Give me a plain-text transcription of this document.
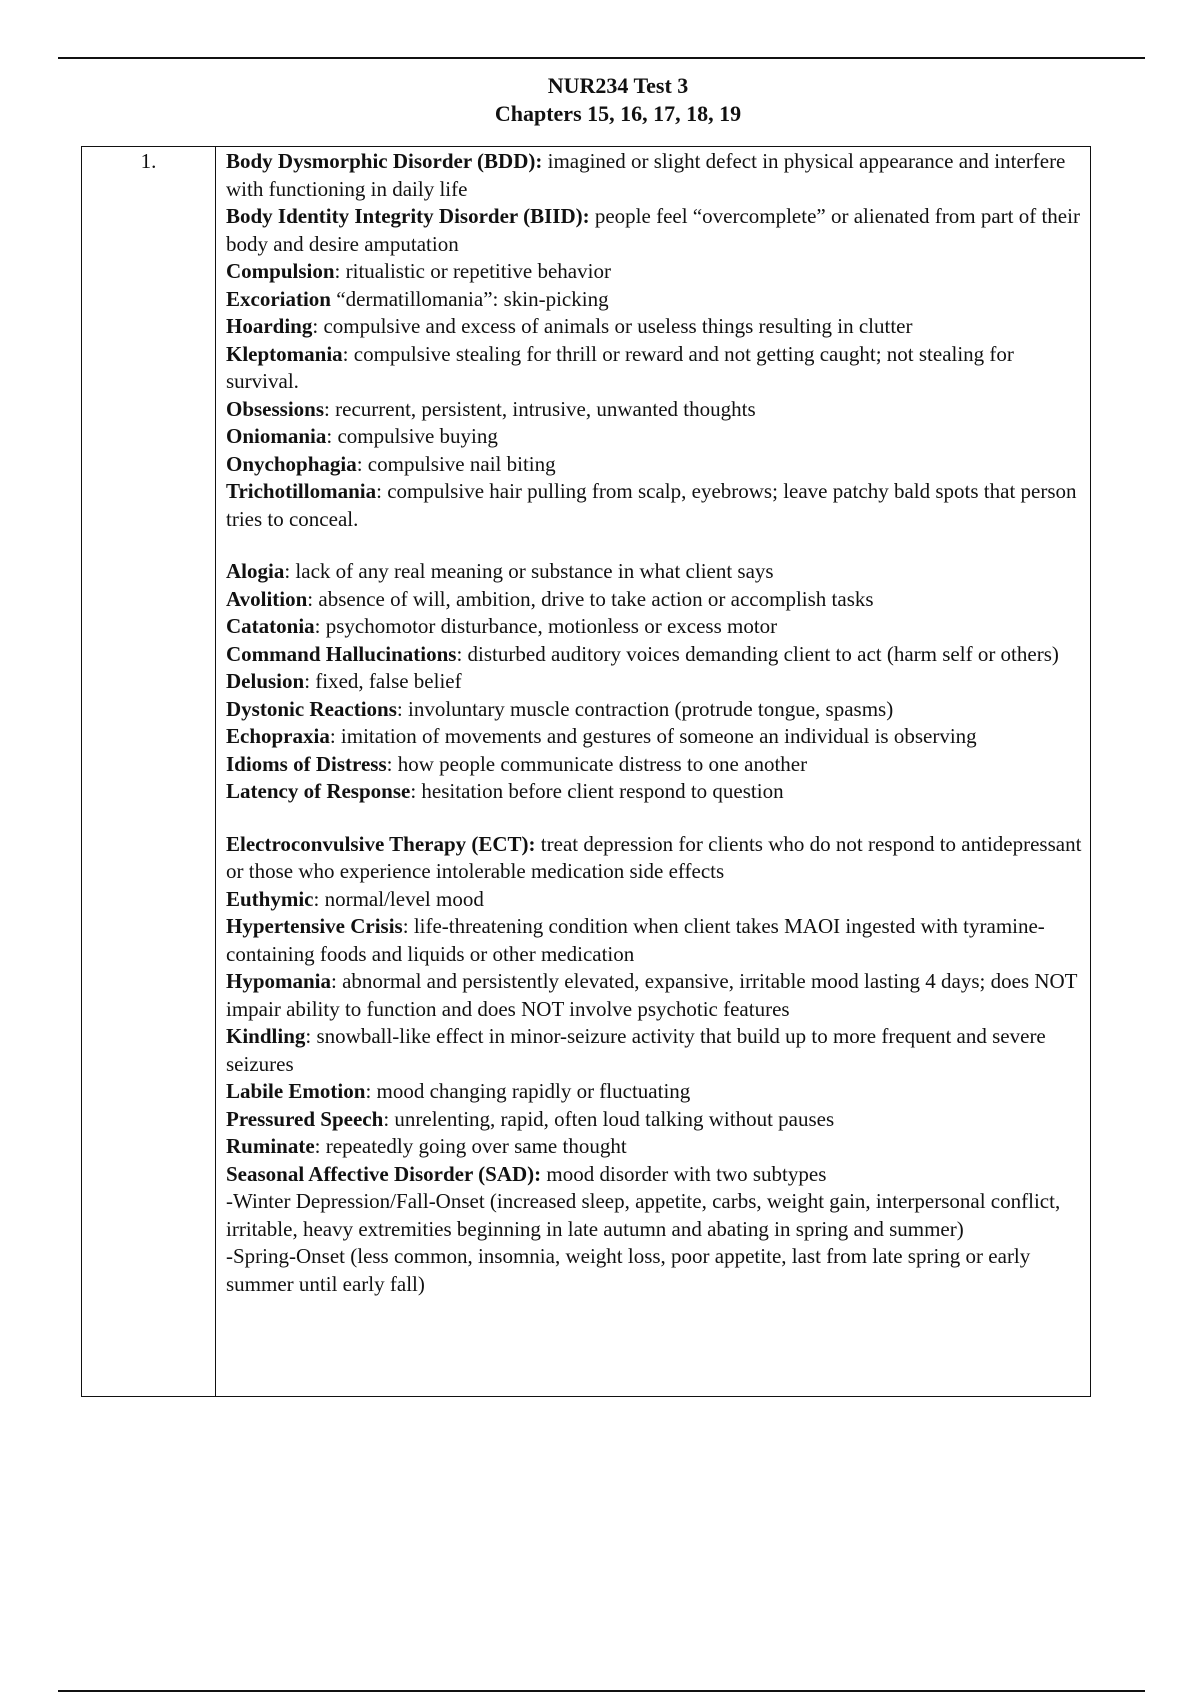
NUR234 Test 3
Chapters 15, 16, 17, 18, 19
1.	Body Dysmorphic Disorder (BDD): imagined or slight defect in physical appearance and interfere with functioning in daily life
Body Identity Integrity Disorder (BIID): people feel “overcomplete” or alienated from part of their body and desire amputation
Compulsion: ritualistic or repetitive behavior
Excoriation “dermatillomania”: skin-picking
Hoarding: compulsive and excess of animals or useless things resulting in clutter
Kleptomania: compulsive stealing for thrill or reward and not getting caught; not stealing for survival.
Obsessions: recurrent, persistent, intrusive, unwanted thoughts
Oniomania: compulsive buying
Onychophagia: compulsive nail biting
Trichotillomania: compulsive hair pulling from scalp, eyebrows; leave patchy bald spots that person tries to conceal.
Alogia: lack of any real meaning or substance in what client says
Avolition: absence of will, ambition, drive to take action or accomplish tasks
Catatonia: psychomotor disturbance, motionless or excess motor
Command Hallucinations: disturbed auditory voices demanding client to act (harm self or others)
Delusion: fixed, false belief
Dystonic Reactions: involuntary muscle contraction (protrude tongue, spasms)
Echopraxia: imitation of movements and gestures of someone an individual is observing
Idioms of Distress: how people communicate distress to one another
Latency of Response: hesitation before client respond to question
Electroconvulsive Therapy (ECT): treat depression for clients who do not respond to antidepressant or those who experience intolerable medication side effects
Euthymic: normal/level mood
Hypertensive Crisis: life-threatening condition when client takes MAOI ingested with tyramine-containing foods and liquids or other medication
Hypomania: abnormal and persistently elevated, expansive, irritable mood lasting 4 days; does NOT impair ability to function and does NOT involve psychotic features
Kindling: snowball-like effect in minor-seizure activity that build up to more frequent and severe seizures
Labile Emotion: mood changing rapidly or fluctuating
Pressured Speech: unrelenting, rapid, often loud talking without pauses
Ruminate: repeatedly going over same thought
Seasonal Affective Disorder (SAD): mood disorder with two subtypes
-Winter Depression/Fall-Onset (increased sleep, appetite, carbs, weight gain, interpersonal conflict, irritable, heavy extremities beginning in late autumn and abating in spring and summer)
-Spring-Onset (less common, insomnia, weight loss, poor appetite, last from late spring or early summer until early fall)
